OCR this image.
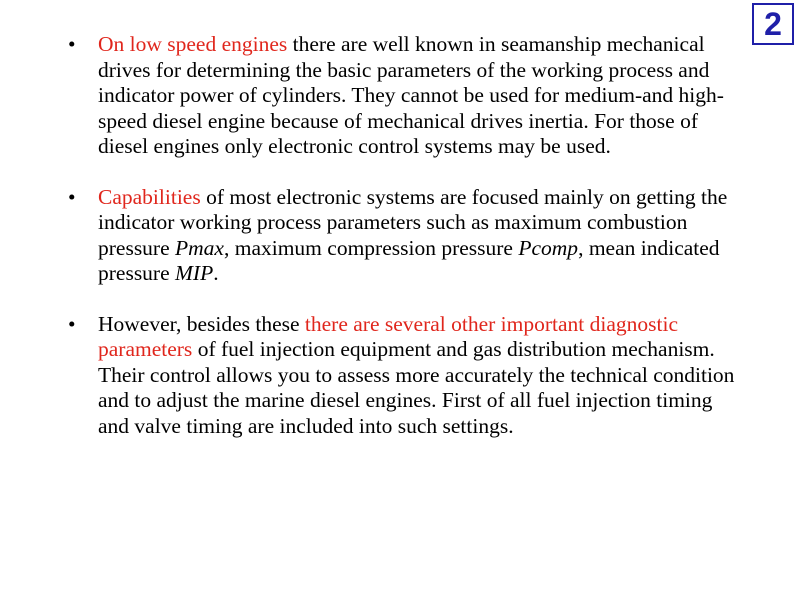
2
• On low speed engines there are well known in seamanship mechanical drives for determining the basic parameters of the working process and indicator power of cylinders. They cannot be used for medium-and high-speed diesel engine because of mechanical drives inertia. For those of diesel engines only electronic control systems may be used.
• Capabilities of most electronic systems are focused mainly on getting the indicator working process parameters such as maximum combustion pressure Pmax, maximum compression pressure Pcomp, mean indicated pressure MIP.
• However, besides these there are several other important diagnostic parameters of fuel injection equipment and gas distribution mechanism. Their control allows you to assess more accurately the technical condition and to adjust the marine diesel engines. First of all fuel injection timing and valve timing are included into such settings.
